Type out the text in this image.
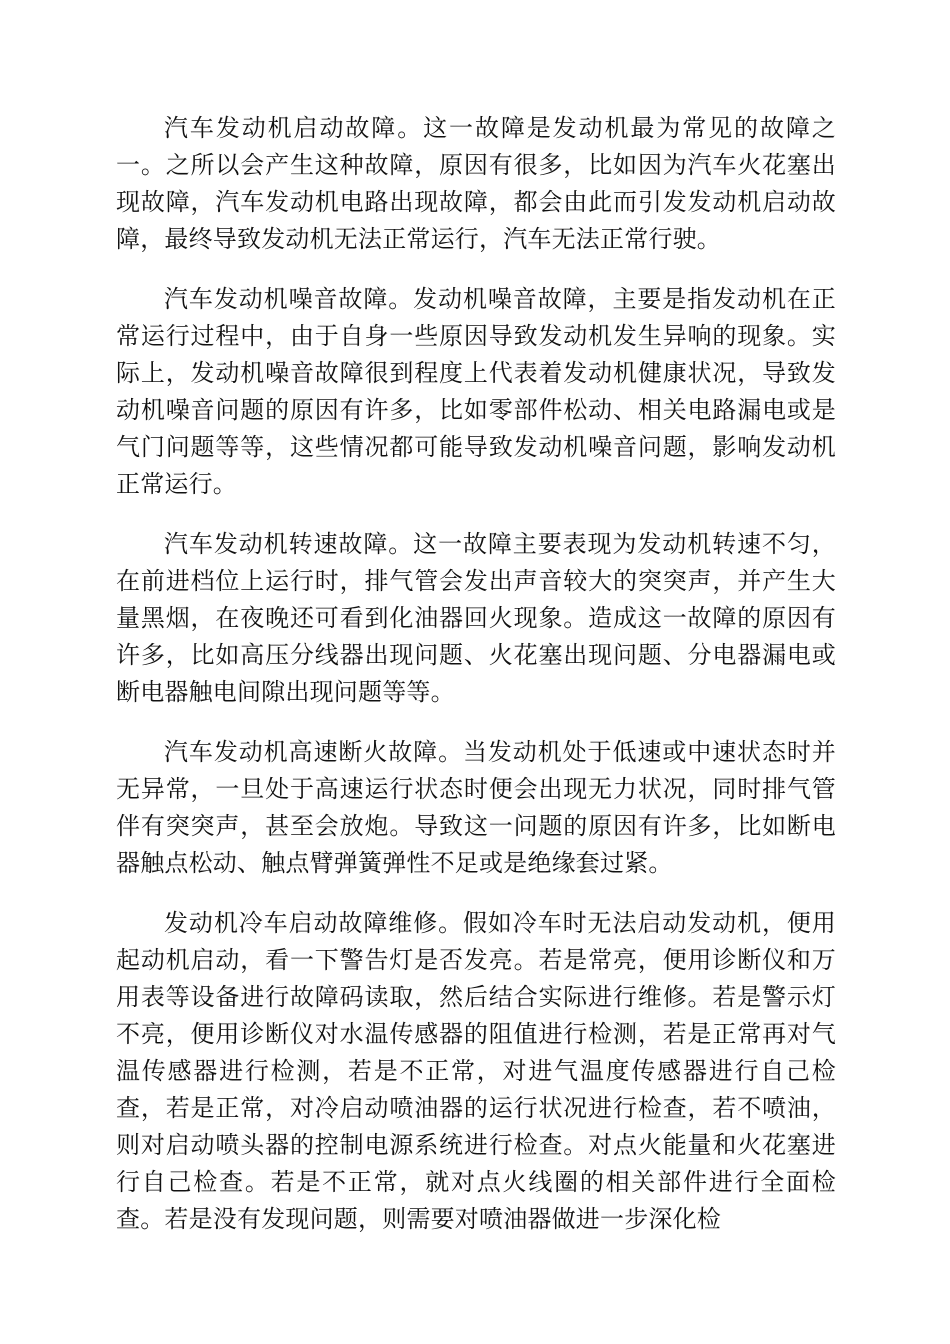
汽车发动机启动故障。这一故障是发动机最为常见的故障之一。之所以会产生这种故障，原因有很多，比如因为汽车火花塞出现故障，汽车发动机电路出现故障，都会由此而引发发动机启动故障，最终导致发动机无法正常运行，汽车无法正常行驶。

汽车发动机噪音故障。发动机噪音故障，主要是指发动机在正常运行过程中，由于自身一些原因导致发动机发生异响的现象。实际上，发动机噪音故障很到程度上代表着发动机健康状况，导致发动机噪音问题的原因有许多，比如零部件松动、相关电路漏电或是气门问题等等，这些情况都可能导致发动机噪音问题，影响发动机正常运行。

汽车发动机转速故障。这一故障主要表现为发动机转速不匀，在前进档位上运行时，排气管会发出声音较大的突突声，并产生大量黑烟，在夜晚还可看到化油器回火现象。造成这一故障的原因有许多，比如高压分线器出现问题、火花塞出现问题、分电器漏电或断电器触电间隙出现问题等等。

汽车发动机高速断火故障。当发动机处于低速或中速状态时并无异常，一旦处于高速运行状态时便会出现无力状况，同时排气管伴有突突声，甚至会放炮。导致这一问题的原因有许多，比如断电器触点松动、触点臂弹簧弹性不足或是绝缘套过紧。

发动机冷车启动故障维修。假如冷车时无法启动发动机，便用起动机启动，看一下警告灯是否发亮。若是常亮，便用诊断仪和万用表等设备进行故障码读取，然后结合实际进行维修。若是警示灯不亮，便用诊断仪对水温传感器的阻值进行检测，若是正常再对气温传感器进行检测，若是不正常，对进气温度传感器进行自己检查，若是正常，对冷启动喷油器的运行状况进行检查，若不喷油，则对启动喷头器的控制电源系统进行检查。对点火能量和火花塞进行自己检查。若是不正常，就对点火线圈的相关部件进行全面检查。若是没有发现问题，则需要对喷油器做进一步深化检
